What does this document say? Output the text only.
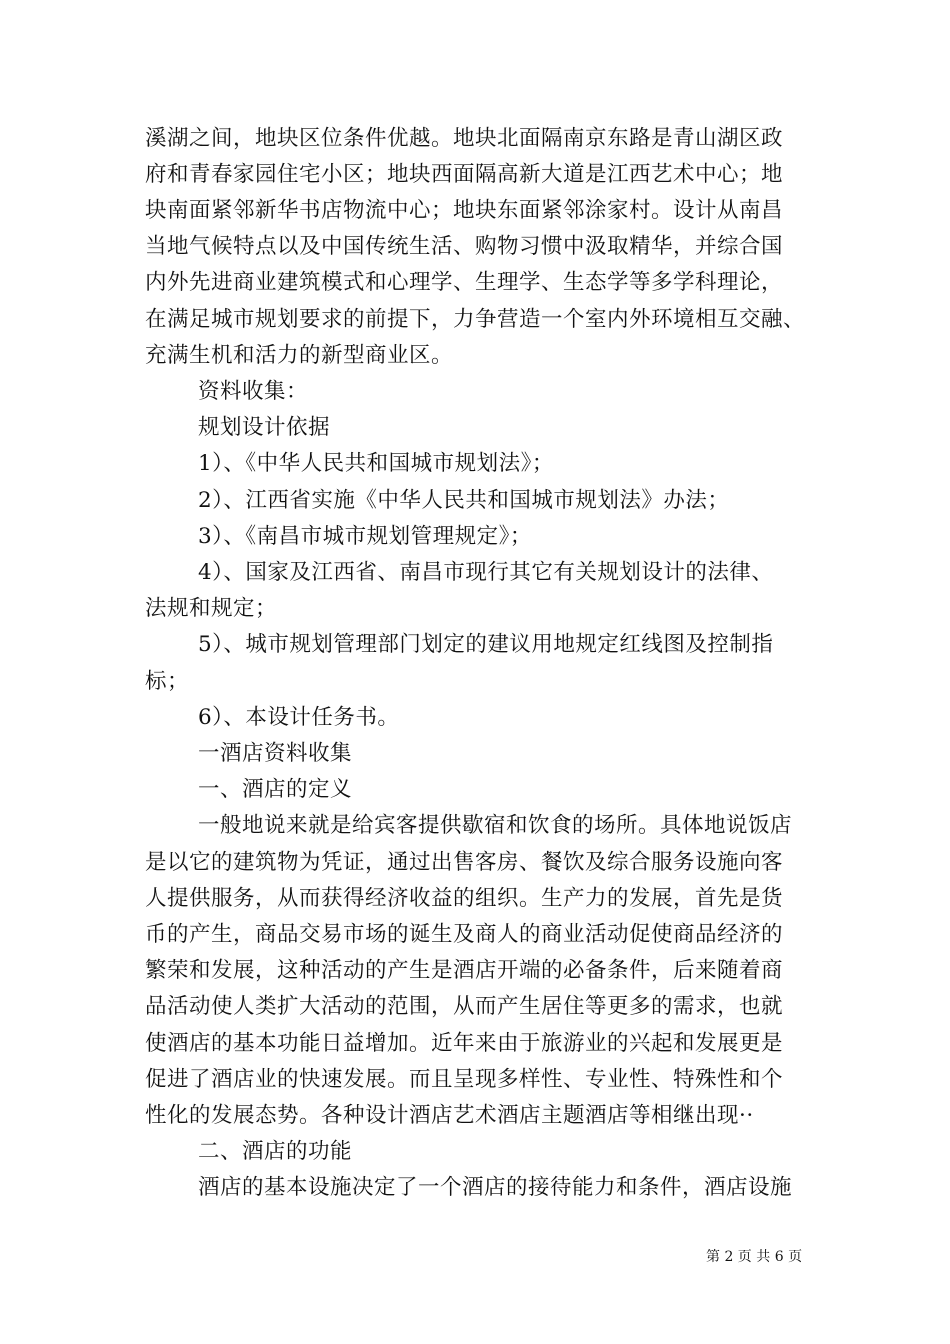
溪湖之间，地块区位条件优越。地块北面隔南京东路是青山湖区政
府和青春家园住宅小区；地块西面隔高新大道是江西艺术中心；地
块南面紧邻新华书店物流中心；地块东面紧邻涂家村。设计从南昌
当地气候特点以及中国传统生活、购物习惯中汲取精华，并综合国
内外先进商业建筑模式和心理学、生理学、生态学等多学科理论，
在满足城市规划要求的前提下，力争营造一个室内外环境相互交融、
充满生机和活力的新型商业区。
资料收集：
规划设计依据
1）、《中华人民共和国城市规划法》；
2）、江西省实施《中华人民共和国城市规划法》办法；
3）、《南昌市城市规划管理规定》；
4）、国家及江西省、南昌市现行其它有关规划设计的法律、
法规和规定；
5）、城市规划管理部门划定的建议用地规定红线图及控制指
标；
6）、本设计任务书。
一酒店资料收集
一、酒店的定义
一般地说来就是给宾客提供歇宿和饮食的场所。具体地说饭店
是以它的建筑物为凭证，通过出售客房、餐饮及综合服务设施向客
人提供服务，从而获得经济收益的组织。生产力的发展，首先是货
币的产生，商品交易市场的诞生及商人的商业活动促使商品经济的
繁荣和发展，这种活动的产生是酒店开端的必备条件，后来随着商
品活动使人类扩大活动的范围，从而产生居住等更多的需求，也就
使酒店的基本功能日益增加。近年来由于旅游业的兴起和发展更是
促进了酒店业的快速发展。而且呈现多样性、专业性、特殊性和个
性化的发展态势。各种设计酒店艺术酒店主题酒店等相继出现··
二、酒店的功能
酒店的基本设施决定了一个酒店的接待能力和条件，酒店设施
第 2 页 共 6 页
